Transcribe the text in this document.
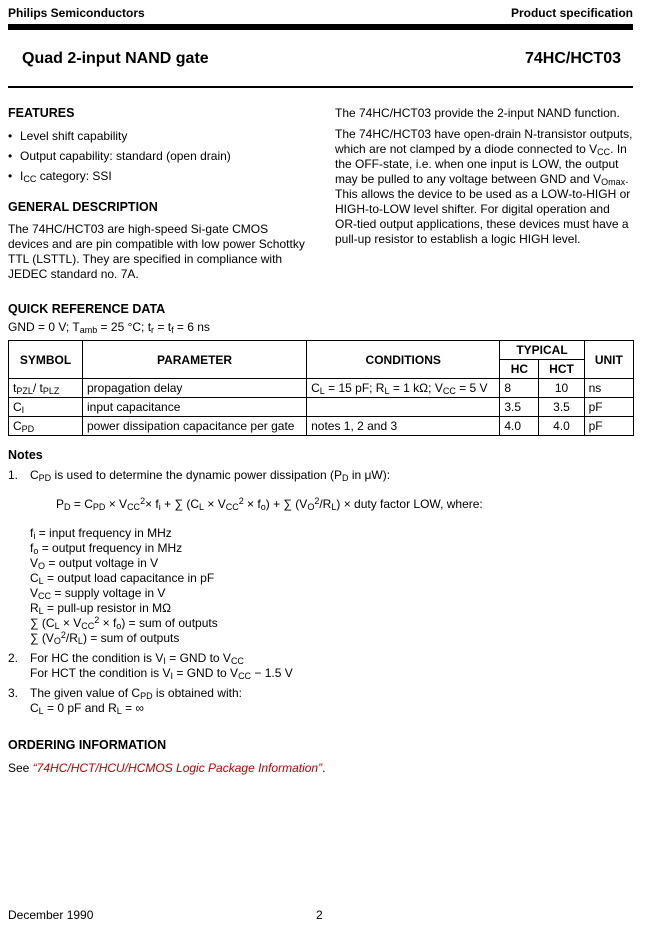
Philips Semiconductors	Product specification
Quad 2-input NAND gate	74HC/HCT03
FEATURES
• Level shift capability
• Output capability: standard (open drain)
• $I_{CC}$ category: SSI
GENERAL DESCRIPTION

The 74HC/HCT03 are high-speed Si-gate CMOS devices and are pin compatible with low power Schottky TTL (LSTTL). They are specified in compliance with JEDEC standard no. 7A.

The 74HC/HCT03 provide the 2-input NAND function.

The 74HC/HCT03 have open-drain N-transistor outputs, which are not clamped by a diode connected to $V_{CC}$. In the OFF-state, i.e. when one input is LOW, the output may be pulled to any voltage between GND and $V_{Omax}$. This allows the device to be used as a LOW-to-HIGH or HIGH-to-LOW level shifter. For digital operation and OR-tied output applications, these devices must have a pull-up resistor to establish a logic HIGH level.

QUICK REFERENCE DATA
GND = 0 V; $T_{amb} = 25$ °C; $t_r = t_f = 6$ ns
SYMBOL	PARAMETER	CONDITIONS	TYPICAL		UNIT
			HC	HCT	
$t_{PZL}/$ $t_{PLZ}$	propagation delay	$C_L = 15$ pF; $R_L = 1$ kΩ; $V_{CC} = 5$ V	8	10	ns
$C_I$	input capacitance		3.5	3.5	pF
$C_{PD}$	power dissipation capacitance per gate	notes 1, 2 and 3	4.0	4.0	pF
Notes
1. $C_{PD}$ is used to determine the dynamic power dissipation ($P_D$ in μW):
$P_D = C_{PD} \times V_{CC}^2\times f_i$ + ∑ $(C_L \times V_{CC}^2 \times f_o)$ + ∑ $(V_O^2/R_L)$ × duty factor LOW, where:
$f_i$ = input frequency in MHz
$f_o$ = output frequency in MHz
$V_O$ = output voltage in V
$C_L$ = output load capacitance in pF
$V_{CC}$ = supply voltage in V
$R_L$ = pull-up resistor in MΩ
∑ $(C_L \times V_{CC}^2 \times f_o)$ = sum of outputs
∑ $(V_O^2/R_L)$ = sum of outputs
2. For HC the condition is $V_I$ = GND to $V_{CC}$
For HCT the condition is $V_I$ = GND to $V_{CC} - 1.5$ V
3. The given value of $C_{PD}$ is obtained with:
$C_L = 0$ pF and $R_L$ = ∞
ORDERING INFORMATION
See “74HC/HCT/HCU/HCMOS Logic Package Information”.
December 1990	2
